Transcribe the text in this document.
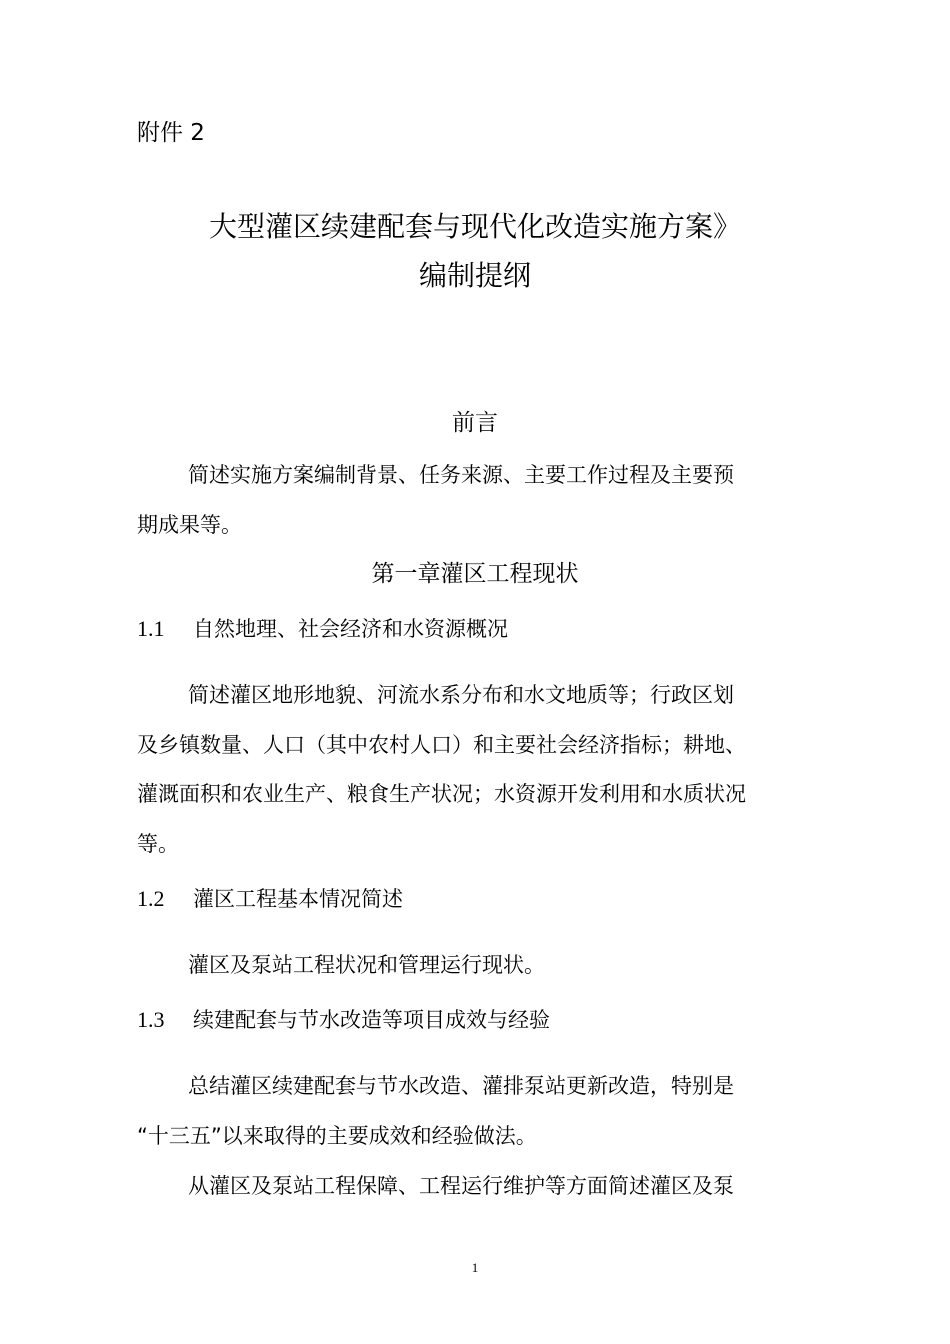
附件 2
大型灌区续建配套与现代化改造实施方案》
编制提纲
前言
简述实施方案编制背景、任务来源、主要工作过程及主要预
期成果等。
第一章灌区工程现状
1.1 自然地理、社会经济和水资源概况
简述灌区地形地貌、河流水系分布和水文地质等；行政区划
及乡镇数量、人口（其中农村人口）和主要社会经济指标；耕地、
灌溉面积和农业生产、粮食生产状况；水资源开发利用和水质状况
等。
1.2 灌区工程基本情况简述
灌区及泵站工程状况和管理运行现状。
1.3 续建配套与节水改造等项目成效与经验
总结灌区续建配套与节水改造、灌排泵站更新改造，特别是
“十三五”以来取得的主要成效和经验做法。
从灌区及泵站工程保障、工程运行维护等方面简述灌区及泵
1
